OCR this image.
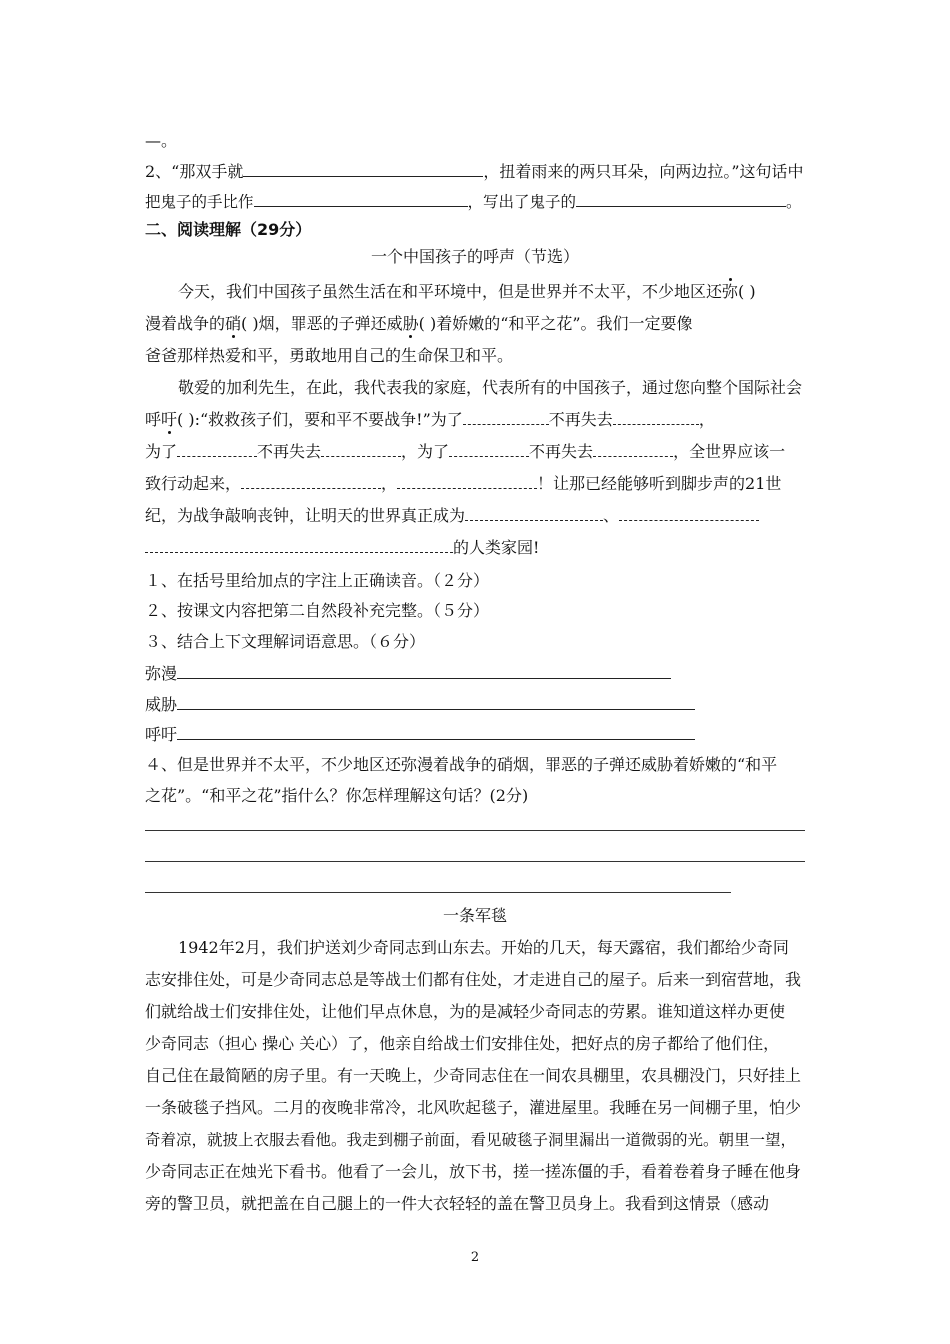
—。
2、“那双手就	，扭着雨来的两只耳朵，向两边拉。”这句话中
把鬼子的手比作	，写出了鬼子的	。
二、阅读理解（29分）
一个中国孩子的呼声（节选）
今天，我们中国孩子虽然生活在和平环境中，但是世界并不太平，不少地区还弥( )
漫着战争的硝( )烟，罪恶的子弹还威胁( )着娇嫩的“和平之花”。我们一定要像
爸爸那样热爱和平，勇敢地用自己的生命保卫和平。
敬爱的加利先生，在此，我代表我的家庭，代表所有的中国孩子，通过您向整个国际社会
呼吁( ):“救救孩子们，要和平不要战争!”为了	不再失去	，
为了	不再失去	，为了	不再失去	，全世界应该一
致行动起来，	，	！让那已经能够听到脚步声的21世
纪，为战争敲响丧钟，让明天的世界真正成为	、
的人类家园!
１、在括号里给加点的字注上正确读音。（２分）
２、按课文内容把第二自然段补充完整。（５分）
３、结合上下文理解词语意思。（６分）
弥漫
威胁
呼吁
４、但是世界并不太平，不少地区还弥漫着战争的硝烟，罪恶的子弹还威胁着娇嫩的“和平
之花”。“和平之花”指什么？你怎样理解这句话？(2分)
一条军毯
1942年2月，我们护送刘少奇同志到山东去。开始的几天，每天露宿，我们都给少奇同
志安排住处，可是少奇同志总是等战士们都有住处，才走进自己的屋子。后来一到宿营地，我
们就给战士们安排住处，让他们早点休息，为的是减轻少奇同志的劳累。谁知道这样办更使
少奇同志（担心 操心 关心）了，他亲自给战士们安排住处，把好点的房子都给了他们住，
自己住在最简陋的房子里。有一天晚上，少奇同志住在一间农具棚里，农具棚没门，只好挂上
一条破毯子挡风。二月的夜晚非常冷，北风吹起毯子，灌进屋里。我睡在另一间棚子里，怕少
奇着凉，就披上衣服去看他。我走到棚子前面，看见破毯子洞里漏出一道微弱的光。朝里一望，
少奇同志正在烛光下看书。他看了一会儿，放下书，搓一搓冻僵的手，看着卷着身子睡在他身
旁的警卫员，就把盖在自己腿上的一件大衣轻轻的盖在警卫员身上。我看到这情景（感动
2
